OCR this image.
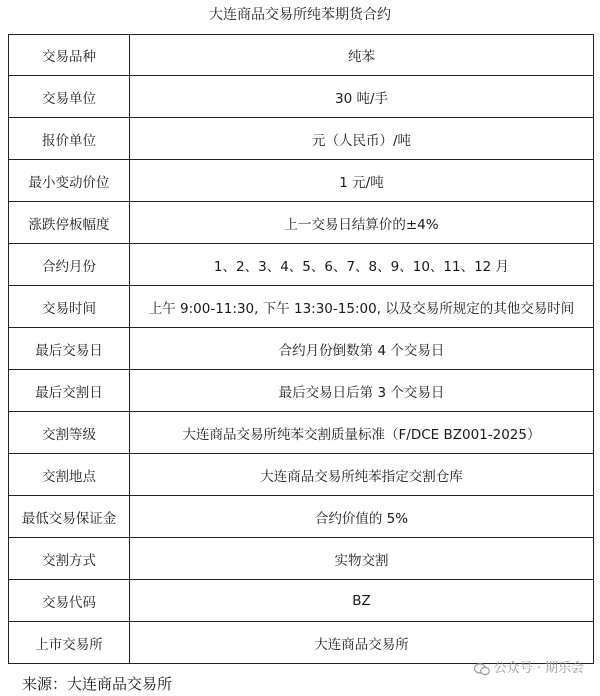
大连商品交易所纯苯期货合约
交易品种	纯苯
交易单位	30 吨/手
报价单位	元（人民币）/吨
最小变动价位	1 元/吨
涨跌停板幅度	上一交易日结算价的±4%
合约月份	1、2、3、4、5、6、7、8、9、10、11、12 月
交易时间	上午 9:00-11:30, 下午 13:30-15:00, 以及交易所规定的其他交易时间
最后交易日	合约月份倒数第 4 个交易日
最后交割日	最后交易日后第 3 个交易日
交割等级	大连商品交易所纯苯交割质量标准（F/DCE BZ001-2025）
交割地点	大连商品交易所纯苯指定交割仓库
最低交易保证金	合约价值的 5%
交割方式	实物交割
交易代码	BZ
上市交易所	大连商品交易所
来源：大连商品交易所
公众号 · 期乐会
